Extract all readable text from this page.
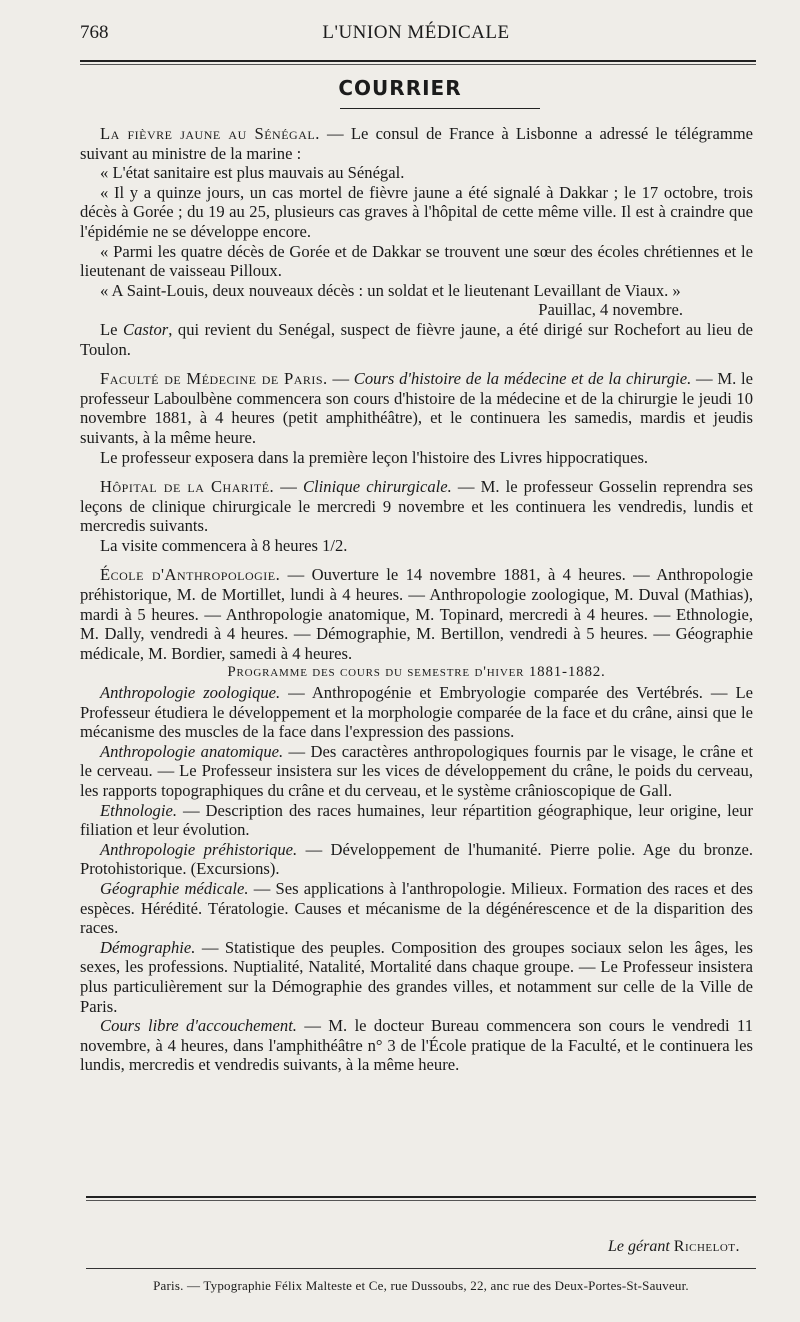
768	L'UNION MÉDICALE
COURRIER

La fièvre jaune au Sénégal. — Le consul de France à Lisbonne a adressé le télégramme suivant au ministre de la marine :

« L'état sanitaire est plus mauvais au Sénégal.

« Il y a quinze jours, un cas mortel de fièvre jaune a été signalé à Dakkar ; le 17 octobre, trois décès à Gorée ; du 19 au 25, plusieurs cas graves à l'hôpital de cette même ville. Il est à craindre que l'épidémie ne se développe encore.

« Parmi les quatre décès de Gorée et de Dakkar se trouvent une sœur des écoles chrétiennes et le lieutenant de vaisseau Pilloux.

« A Saint-Louis, deux nouveaux décès : un soldat et le lieutenant Levaillant de Viaux. »

Pauillac, 4 novembre.

Le Castor, qui revient du Senégal, suspect de fièvre jaune, a été dirigé sur Rochefort au lieu de Toulon.

Faculté de Médecine de Paris. — Cours d'histoire de la médecine et de la chirurgie. — M. le professeur Laboulbène commencera son cours d'histoire de la médecine et de la chirurgie le jeudi 10 novembre 1881, à 4 heures (petit amphithéâtre), et le continuera les samedis, mardis et jeudis suivants, à la même heure.

Le professeur exposera dans la première leçon l'histoire des Livres hippocratiques.

Hôpital de la Charité. — Clinique chirurgicale. — M. le professeur Gosselin reprendra ses leçons de clinique chirurgicale le mercredi 9 novembre et les continuera les vendredis, lundis et mercredis suivants.

La visite commencera à 8 heures 1/2.

École d'Anthropologie. — Ouverture le 14 novembre 1881, à 4 heures. — Anthropologie préhistorique, M. de Mortillet, lundi à 4 heures. — Anthropologie zoologique, M. Duval (Mathias), mardi à 5 heures. — Anthropologie anatomique, M. Topinard, mercredi à 4 heures. — Ethnologie, M. Dally, vendredi à 4 heures. — Démographie, M. Bertillon, vendredi à 5 heures. — Géographie médicale, M. Bordier, samedi à 4 heures.

Programme des cours du semestre d'hiver 1881-1882.

Anthropologie zoologique. — Anthropogénie et Embryologie comparée des Vertébrés. — Le Professeur étudiera le développement et la morphologie comparée de la face et du crâne, ainsi que le mécanisme des muscles de la face dans l'expression des passions.

Anthropologie anatomique. — Des caractères anthropologiques fournis par le visage, le crâne et le cerveau. — Le Professeur insistera sur les vices de développement du crâne, le poids du cerveau, les rapports topographiques du crâne et du cerveau, et le système crânioscopique de Gall.

Ethnologie. — Description des races humaines, leur répartition géographique, leur origine, leur filiation et leur évolution.

Anthropologie préhistorique. — Développement de l'humanité. Pierre polie. Age du bronze. Protohistorique. (Excursions).

Géographie médicale. — Ses applications à l'anthropologie. Milieux. Formation des races et des espèces. Hérédité. Tératologie. Causes et mécanisme de la dégénérescence et de la disparition des races.

Démographie. — Statistique des peuples. Composition des groupes sociaux selon les âges, les sexes, les professions. Nuptialité, Natalité, Mortalité dans chaque groupe. — Le Professeur insistera plus particulièrement sur la Démographie des grandes villes, et notamment sur celle de la Ville de Paris.

Cours libre d'accouchement. — M. le docteur Bureau commencera son cours le vendredi 11 novembre, à 4 heures, dans l'amphithéâtre n° 3 de l'École pratique de la Faculté, et le continuera les lundis, mercredis et vendredis suivants, à la même heure.

Le gérant Richelot.
Paris. — Typographie Félix Malteste et Ce, rue Dussoubs, 22, anc rue des Deux-Portes-St-Sauveur.
